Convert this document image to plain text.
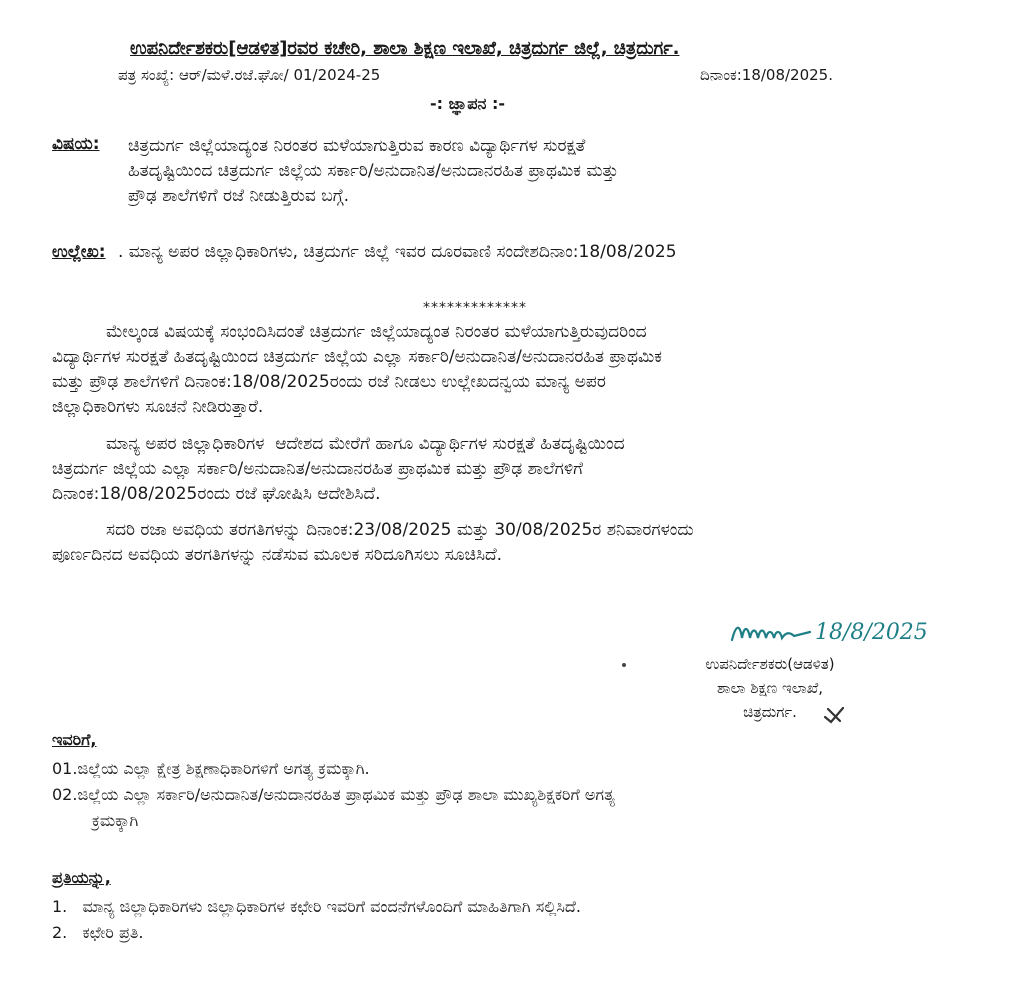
ಉಪನಿರ್ದೇಶಕರು[ಆಡಳಿತ]ರವರ ಕಚೇರಿ, ಶಾಲಾ ಶಿಕ್ಷಣ ಇಲಾಖೆ, ಚಿತ್ರದುರ್ಗ ಜಿಲ್ಲೆ, ಚಿತ್ರದುರ್ಗ.
ಪತ್ರ ಸಂಖ್ಯೆ: ಆರ್/ಮಳೆ.ರಜೆ.ಘೋ/ 01/2024-25	ದಿನಾಂಕ:18/08/2025.
-: ಜ್ಞಾಪನ :-
ವಿಷಯ: ಚಿತ್ರದುರ್ಗ ಜಿಲ್ಲೆಯಾದ್ಯಂತ ನಿರಂತರ ಮಳೆಯಾಗುತ್ತಿರುವ ಕಾರಣ ವಿದ್ಯಾರ್ಥಿಗಳ ಸುರಕ್ಷತೆ
ಹಿತದೃಷ್ಟಿಯಿಂದ ಚಿತ್ರದುರ್ಗ ಜಿಲ್ಲೆಯ ಸರ್ಕಾರಿ/ಅನುದಾನಿತ/ಅನುದಾನರಹಿತ ಪ್ರಾಥಮಿಕ ಮತ್ತು
ಪ್ರೌಢ ಶಾಲೆಗಳಿಗೆ ರಜೆ ನೀಡುತ್ತಿರುವ ಬಗ್ಗೆ.
ಉಲ್ಲೇಖ: . ಮಾನ್ಯ ಅಪರ ಜಿಲ್ಲಾಧಿಕಾರಿಗಳು, ಚಿತ್ರದುರ್ಗ ಜಿಲ್ಲೆ ಇವರ ದೂರವಾಣಿ ಸಂದೇಶದಿನಾಂ:18/08/2025
*************
ಮೇಲ್ಕಂಡ ವಿಷಯಕ್ಕೆ ಸಂಭಂದಿಸಿದಂತೆ ಚಿತ್ರದುರ್ಗ ಜಿಲ್ಲೆಯಾದ್ಯಂತ ನಿರಂತರ ಮಳೆಯಾಗುತ್ತಿರುವುದರಿಂದ
ವಿದ್ಯಾರ್ಥಿಗಳ ಸುರಕ್ಷತೆ ಹಿತದೃಷ್ಟಿಯಿಂದ ಚಿತ್ರದುರ್ಗ ಜಿಲ್ಲೆಯ ಎಲ್ಲಾ ಸರ್ಕಾರಿ/ಅನುದಾನಿತ/ಅನುದಾನರಹಿತ ಪ್ರಾಥಮಿಕ
ಮತ್ತು ಪ್ರೌಢ ಶಾಲೆಗಳಿಗೆ ದಿನಾಂಕ:18/08/2025ರಂದು ರಜೆ ನೀಡಲು ಉಲ್ಲೇಖದನ್ವಯ ಮಾನ್ಯ ಅಪರ
ಜಿಲ್ಲಾಧಿಕಾರಿಗಳು ಸೂಚನೆ ನೀಡಿರುತ್ತಾರೆ.
ಮಾನ್ಯ ಅಪರ ಜಿಲ್ಲಾಧಿಕಾರಿಗಳ  ಆದೇಶದ ಮೇರೆಗೆ ಹಾಗೂ ವಿದ್ಯಾರ್ಥಿಗಳ ಸುರಕ್ಷತೆ ಹಿತದೃಷ್ಟಿಯಿಂದ
ಚಿತ್ರದುರ್ಗ ಜಿಲ್ಲೆಯ ಎಲ್ಲಾ ಸರ್ಕಾರಿ/ಅನುದಾನಿತ/ಅನುದಾನರಹಿತ ಪ್ರಾಥಮಿಕ ಮತ್ತು ಪ್ರೌಢ ಶಾಲೆಗಳಿಗೆ
ದಿನಾಂಕ:18/08/2025ರಂದು ರಜೆ ಘೋಷಿಸಿ ಆದೇಶಿಸಿದೆ.
ಸದರಿ ರಜಾ ಅವಧಿಯ ತರಗತಿಗಳನ್ನು ದಿನಾಂಕ:23/08/2025 ಮತ್ತು 30/08/2025ರ ಶನಿವಾರಗಳಂದು
ಪೂರ್ಣದಿನದ ಅವಧಿಯ ತರಗತಿಗಳನ್ನು ನಡೆಸುವ ಮೂಲಕ ಸರಿದೂಗಿಸಲು ಸೂಚಿಸಿದೆ.
18/8/2025
ಉಪನಿರ್ದೇಶಕರು(ಆಡಳಿತ)
ಶಾಲಾ ಶಿಕ್ಷಣ ಇಲಾಖೆ,
ಚಿತ್ರದುರ್ಗ.
ಇವರಿಗೆ,
01.ಜಿಲ್ಲೆಯ ಎಲ್ಲಾ ಕ್ಷೇತ್ರ ಶಿಕ್ಷಣಾಧಿಕಾರಿಗಳಿಗೆ ಅಗತ್ಯ ಕ್ರಮಕ್ಕಾಗಿ.
02.ಜಿಲ್ಲೆಯ ಎಲ್ಲಾ ಸರ್ಕಾರಿ/ಅನುದಾನಿತ/ಅನುದಾನರಹಿತ ಪ್ರಾಥಮಿಕ ಮತ್ತು ಪ್ರೌಢ ಶಾಲಾ ಮುಖ್ಯಶಿಕ್ಷಕರಿಗೆ ಅಗತ್ಯ
ಕ್ರಮಕ್ಕಾಗಿ
ಪ್ರತಿಯನ್ನು,
1.   ಮಾನ್ಯ ಜಿಲ್ಲಾಧಿಕಾರಿಗಳು ಜಿಲ್ಲಾಧಿಕಾರಿಗಳ ಕಛೇರಿ ಇವರಿಗೆ ವಂದನೆಗಳೊಂದಿಗೆ ಮಾಹಿತಿಗಾಗಿ ಸಲ್ಲಿಸಿದೆ.
2.   ಕಛೇರಿ ಪ್ರತಿ.
